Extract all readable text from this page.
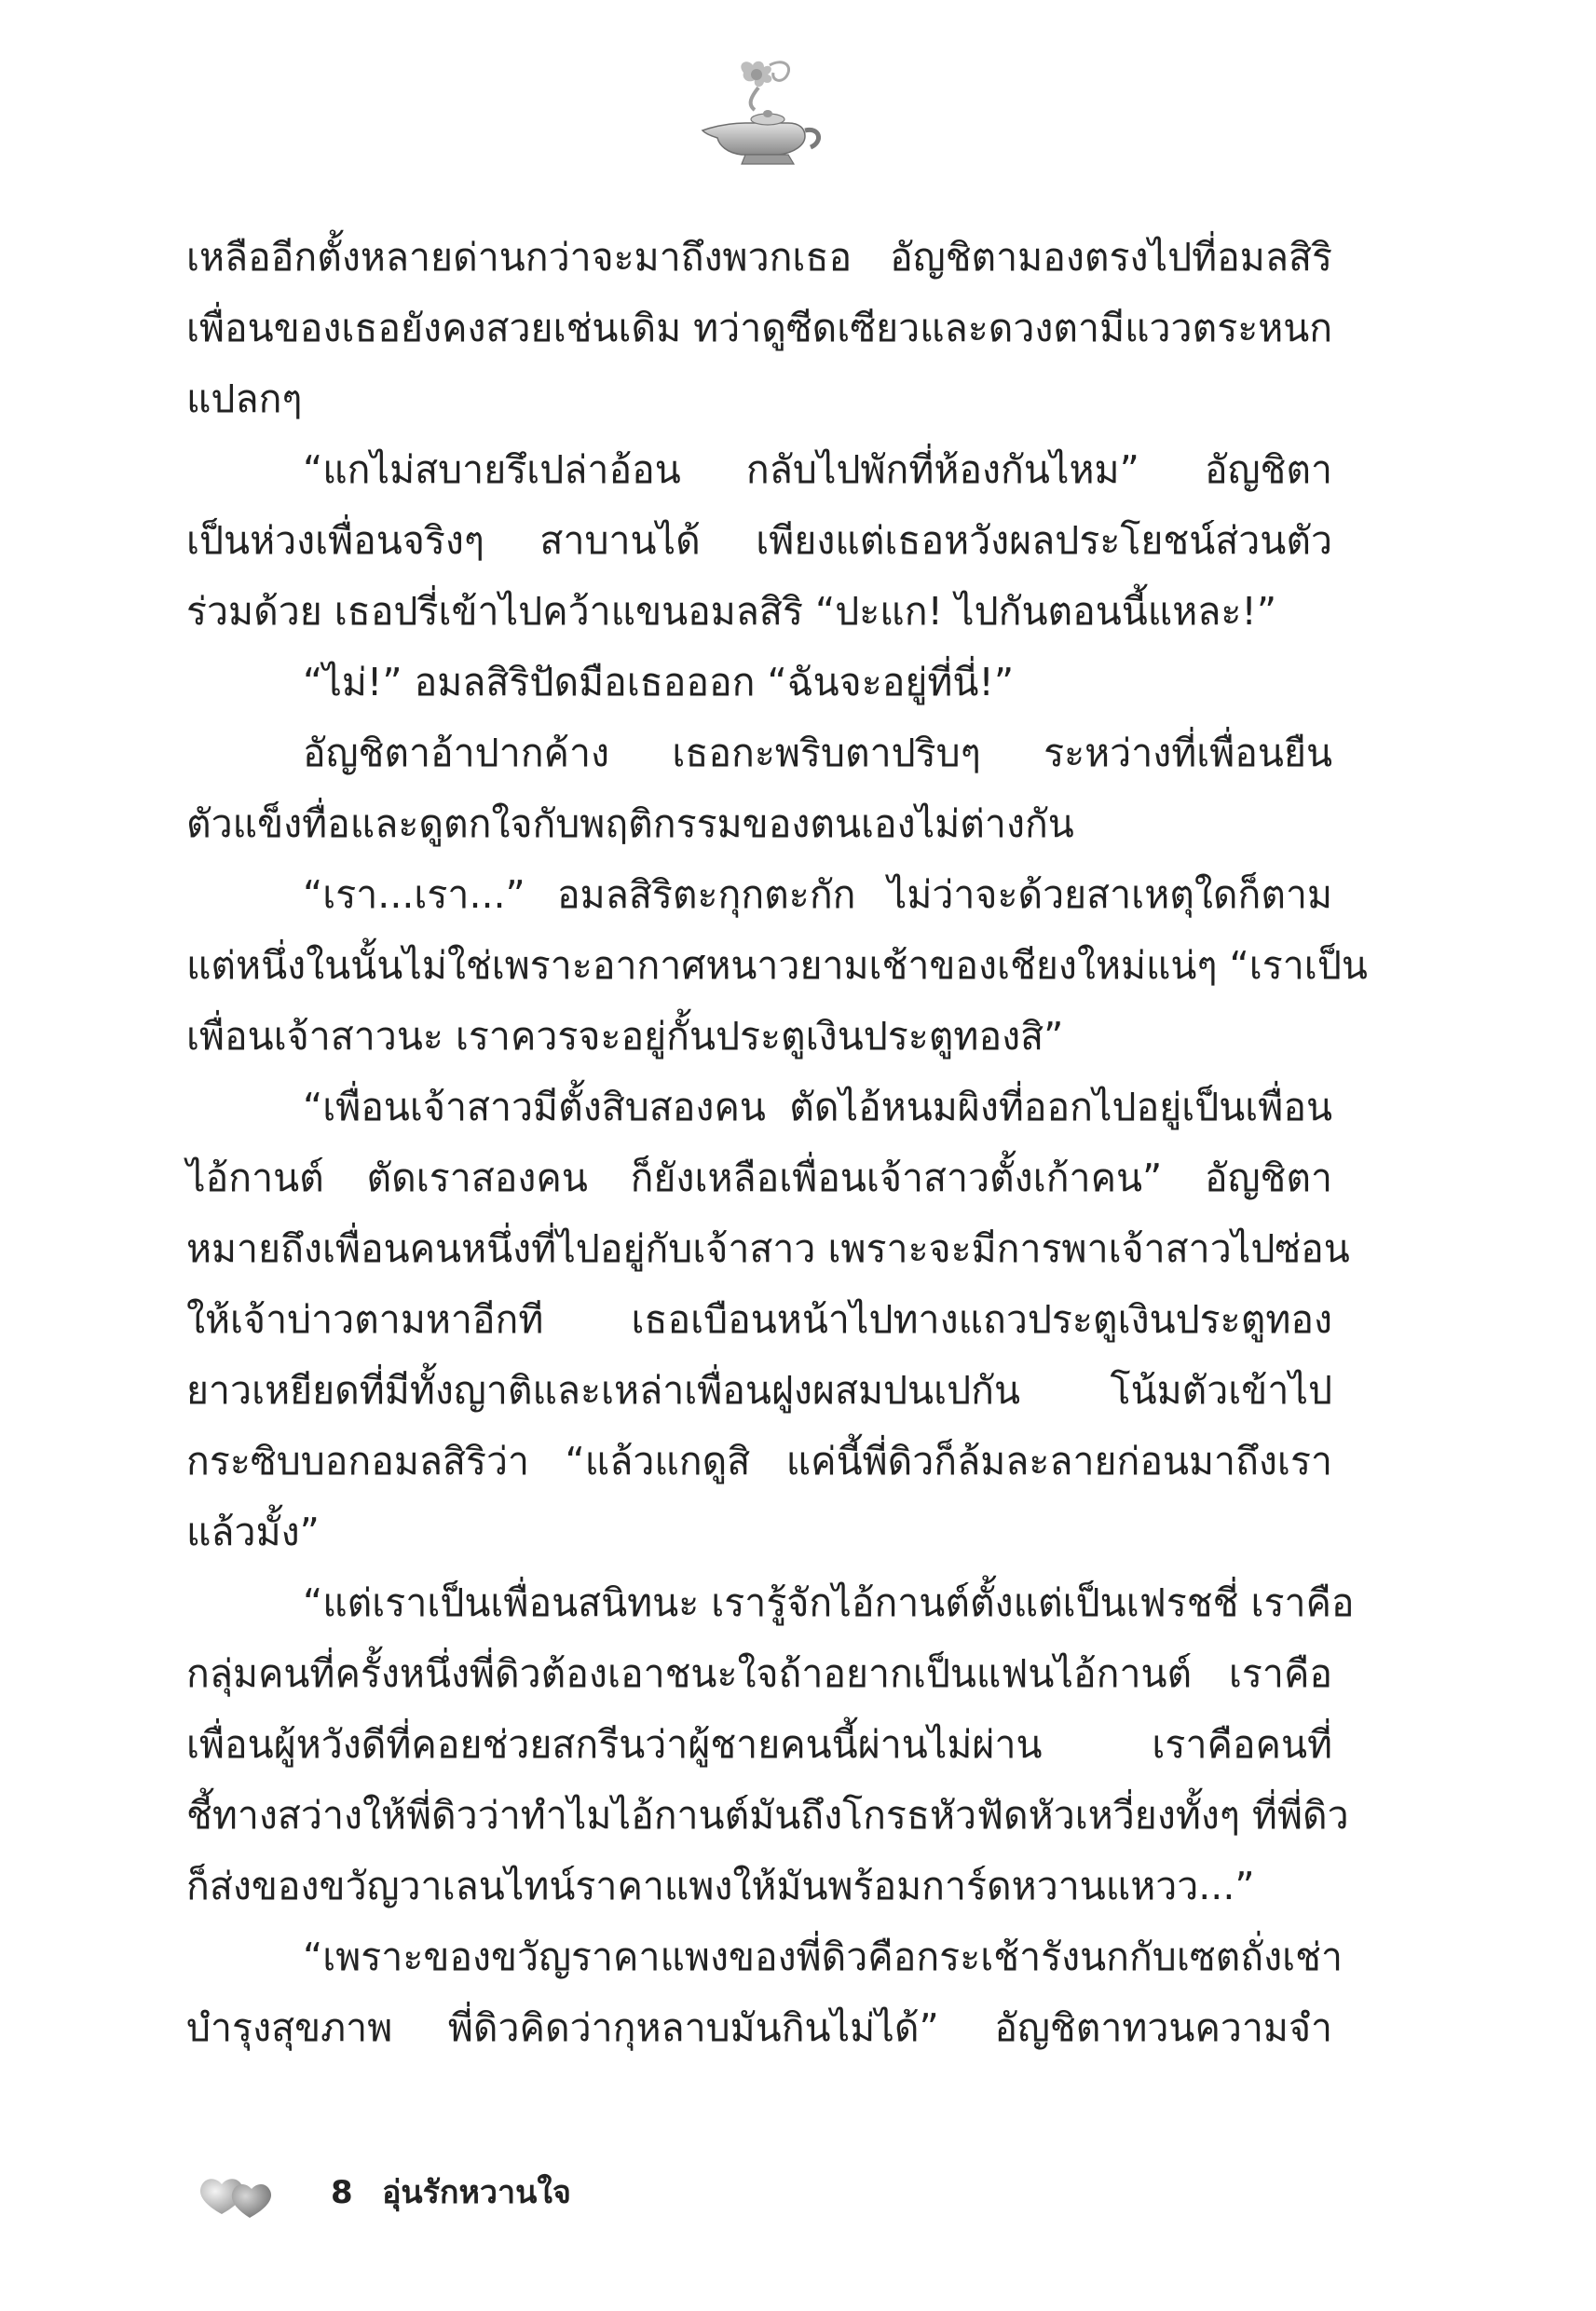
เหลืออีกตั้งหลายด่านกว่าจะมาถึงพวกเธอ อัญชิตามองตรงไปที่อมลสิริ
เพื่อนของเธอยังคงสวยเช่นเดิม ทว่าดูซีดเซียวและดวงตามีแววตระหนก
แปลกๆ
“แกไม่สบายรึเปล่าอ้อน กลับไปพักที่ห้องกันไหม” อัญชิตา
เป็นห่วงเพื่อนจริงๆ สาบานได้ เพียงแต่เธอหวังผลประโยชน์ส่วนตัว
ร่วมด้วย เธอปรี่เข้าไปคว้าแขนอมลสิริ “ปะแก! ไปกันตอนนี้แหละ!”
“ไม่!” อมลสิริปัดมือเธอออก “ฉันจะอยู่ที่นี่!”
อัญชิตาอ้าปากค้าง เธอกะพริบตาปริบๆ ระหว่างที่เพื่อนยืน
ตัวแข็งทื่อและดูตกใจกับพฤติกรรมของตนเองไม่ต่างกัน
“เรา...เรา...” อมลสิริตะกุกตะกัก ไม่ว่าจะด้วยสาเหตุใดก็ตาม
แต่หนึ่งในนั้นไม่ใช่เพราะอากาศหนาวยามเช้าของเชียงใหม่แน่ๆ “เราเป็น
เพื่อนเจ้าสาวนะ เราควรจะอยู่กั้นประตูเงินประตูทองสิ”
“เพื่อนเจ้าสาวมีตั้งสิบสองคน ตัดไอ้หนมผิงที่ออกไปอยู่เป็นเพื่อน
ไอ้กานต์ ตัดเราสองคน ก็ยังเหลือเพื่อนเจ้าสาวตั้งเก้าคน” อัญชิตา
หมายถึงเพื่อนคนหนึ่งที่ไปอยู่กับเจ้าสาว เพราะจะมีการพาเจ้าสาวไปซ่อน
ให้เจ้าบ่าวตามหาอีกที เธอเบือนหน้าไปทางแถวประตูเงินประตูทอง
ยาวเหยียดที่มีทั้งญาติและเหล่าเพื่อนฝูงผสมปนเปกัน โน้มตัวเข้าไป
กระซิบบอกอมลสิริว่า “แล้วแกดูสิ แค่นี้พี่ดิวก็ล้มละลายก่อนมาถึงเรา
แล้วมั้ง”
“แต่เราเป็นเพื่อนสนิทนะ เรารู้จักไอ้กานต์ตั้งแต่เป็นเฟรชชี่ เราคือ
กลุ่มคนที่ครั้งหนึ่งพี่ดิวต้องเอาชนะใจถ้าอยากเป็นแฟนไอ้กานต์ เราคือ
เพื่อนผู้หวังดีที่คอยช่วยสกรีนว่าผู้ชายคนนี้ผ่านไม่ผ่าน เราคือคนที่
ชี้ทางสว่างให้พี่ดิวว่าทำไมไอ้กานต์มันถึงโกรธหัวฟัดหัวเหวี่ยงทั้งๆ ที่พี่ดิว
ก็ส่งของขวัญวาเลนไทน์ราคาแพงให้มันพร้อมการ์ดหวานแหวว...”
“เพราะของขวัญราคาแพงของพี่ดิวคือกระเช้ารังนกกับเซตถั่งเช่า
บำรุงสุขภาพ พี่ดิวคิดว่ากุหลาบมันกินไม่ได้” อัญชิตาทวนความจำ
8 อุ่นรักหวานใจ
